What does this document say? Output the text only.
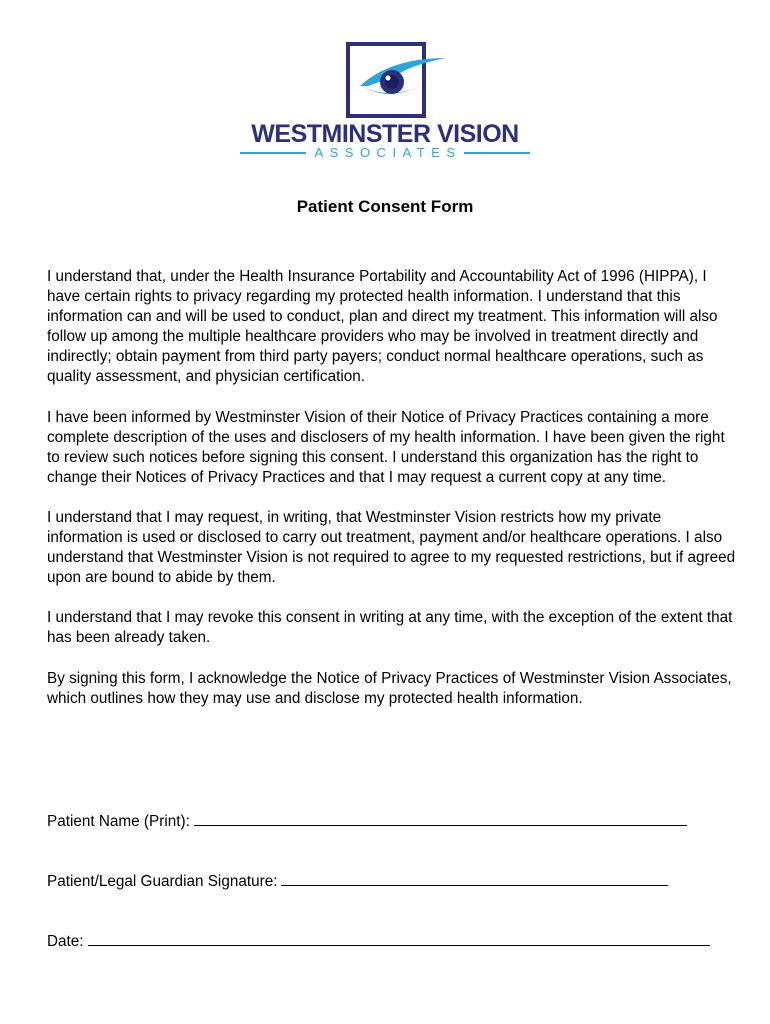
WESTMINSTER VISION
ASSOCIATES
Patient Consent Form

I understand that, under the Health Insurance Portability and Accountability Act of 1996 (HIPPA), I have certain rights to privacy regarding my protected health information. I understand that this information can and will be used to conduct, plan and direct my treatment. This information will also follow up among the multiple healthcare providers who may be involved in treatment directly and indirectly; obtain payment from third party payers; conduct normal healthcare operations, such as quality assessment, and physician certification.

I have been informed by Westminster Vision of their Notice of Privacy Practices containing a more complete description of the uses and disclosers of my health information. I have been given the right to review such notices before signing this consent. I understand this organization has the right to change their Notices of Privacy Practices and that I may request a current copy at any time.

I understand that I may request, in writing, that Westminster Vision restricts how my private information is used or disclosed to carry out treatment, payment and/or healthcare operations. I also understand that Westminster Vision is not required to agree to my requested restrictions, but if agreed upon are bound to abide by them.

I understand that I may revoke this consent in writing at any time, with the exception of the extent that has been already taken.

By signing this form, I acknowledge the Notice of Privacy Practices of Westminster Vision Associates, which outlines how they may use and disclose my protected health information.

Patient Name (Print):
Patient/Legal Guardian Signature:
Date:
